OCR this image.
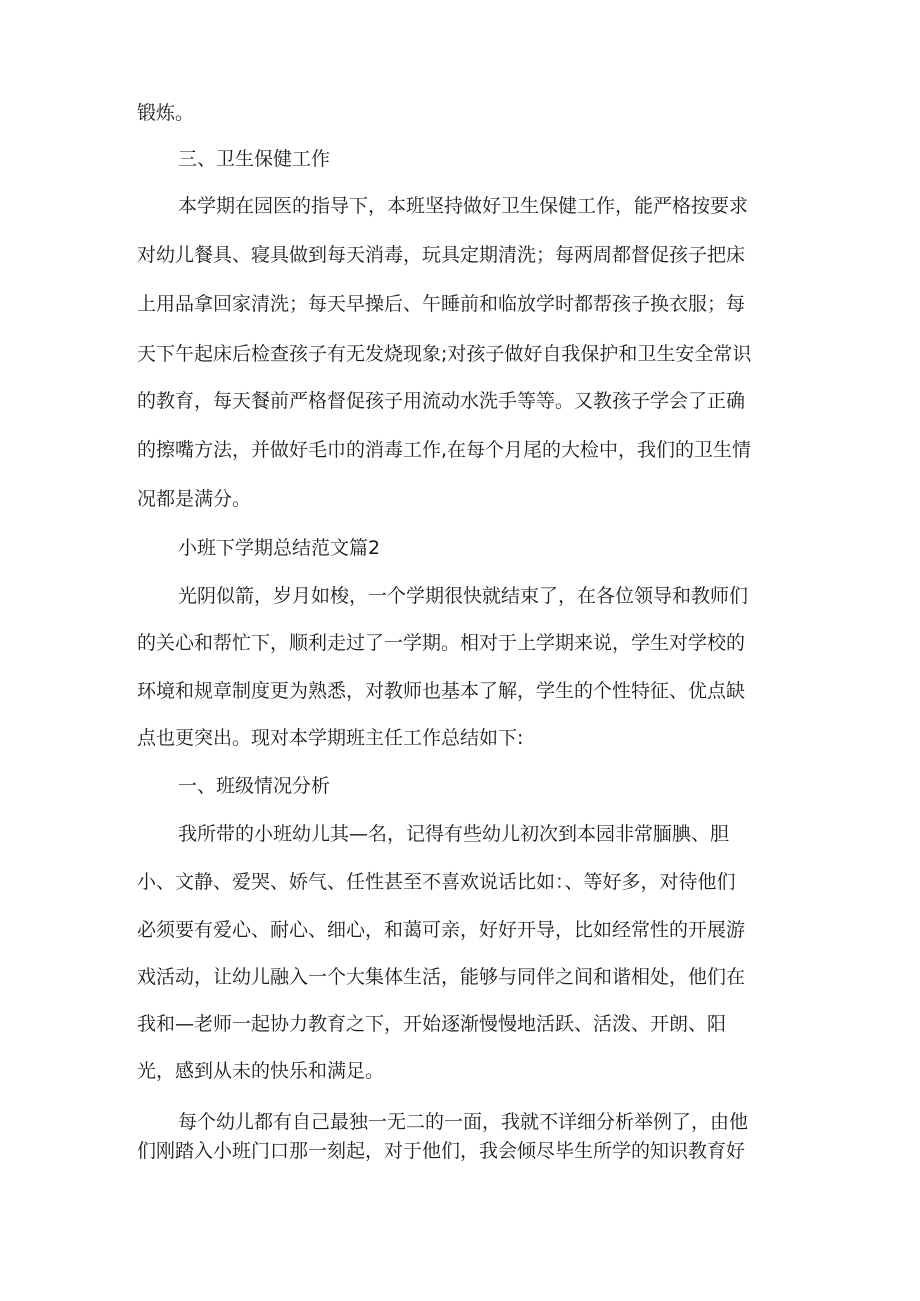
锻炼。

三、卫生保健工作

本学期在园医的指导下，本班坚持做好卫生保健工作，能严格按要求

对幼儿餐具、寝具做到每天消毒，玩具定期清洗；每两周都督促孩子把床

上用品拿回家清洗；每天早操后、午睡前和临放学时都帮孩子换衣服；每

天下午起床后检查孩子有无发烧现象;对孩子做好自我保护和卫生安全常识

的教育，每天餐前严格督促孩子用流动水洗手等等。又教孩子学会了正确

的擦嘴方法，并做好毛巾的消毒工作,在每个月尾的大检中，我们的卫生情

况都是满分。

小班下学期总结范文篇2

光阴似箭，岁月如梭，一个学期很快就结束了，在各位领导和教师们

的关心和帮忙下，顺利走过了一学期。相对于上学期来说，学生对学校的

环境和规章制度更为熟悉，对教师也基本了解，学生的个性特征、优点缺

点也更突出。现对本学期班主任工作总结如下:

一、班级情况分析

我所带的小班幼儿其—名，记得有些幼儿初次到本园非常腼腆、胆

小、文静、爱哭、娇气、任性甚至不喜欢说话比如：、等好多，对待他们

必须要有爱心、耐心、细心，和蔼可亲，好好开导，比如经常性的开展游

戏活动，让幼儿融入一个大集体生活，能够与同伴之间和谐相处，他们在

我和—老师一起协力教育之下，开始逐渐慢慢地活跃、活泼、开朗、阳

光，感到从未的快乐和满足。

每个幼儿都有自己最独一无二的一面，我就不详细分析举例了，由他

们刚踏入小班门口那一刻起，对于他们，我会倾尽毕生所学的知识教育好
